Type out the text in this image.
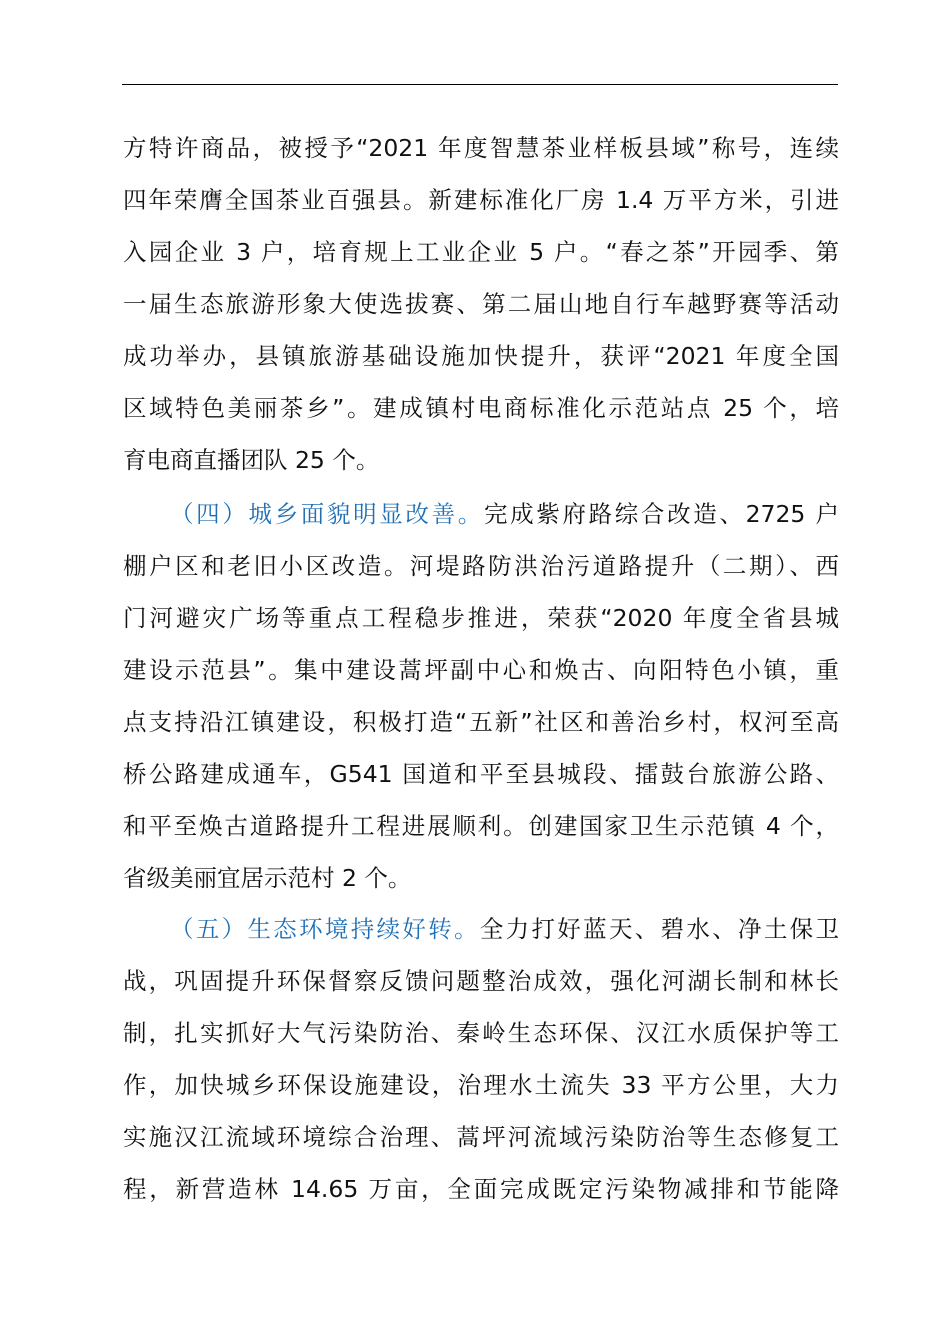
方特许商品，被授予“2021 年度智慧茶业样板县域”称号，连续
四年荣膺全国茶业百强县。新建标准化厂房 1.4 万平方米，引进
入园企业 3 户，培育规上工业企业 5 户。“春之茶”开园季、第
一届生态旅游形象大使选拔赛、第二届山地自行车越野赛等活动
成功举办，县镇旅游基础设施加快提升，获评“2021 年度全国
区域特色美丽茶乡”。建成镇村电商标准化示范站点 25 个，培
育电商直播团队 25 个。
（四）城乡面貌明显改善。完成紫府路综合改造、2725 户
棚户区和老旧小区改造。河堤路防洪治污道路提升（二期）、西
门河避灾广场等重点工程稳步推进，荣获“2020 年度全省县城
建设示范县”。集中建设蒿坪副中心和焕古、向阳特色小镇，重
点支持沿江镇建设，积极打造“五新”社区和善治乡村，权河至高
桥公路建成通车，G541 国道和平至县城段、擂鼓台旅游公路、
和平至焕古道路提升工程进展顺利。创建国家卫生示范镇 4 个，
省级美丽宜居示范村 2 个。
（五）生态环境持续好转。全力打好蓝天、碧水、净土保卫
战，巩固提升环保督察反馈问题整治成效，强化河湖长制和林长
制，扎实抓好大气污染防治、秦岭生态环保、汉江水质保护等工
作，加快城乡环保设施建设，治理水土流失 33 平方公里，大力
实施汉江流域环境综合治理、蒿坪河流域污染防治等生态修复工
程，新营造林 14.65 万亩，全面完成既定污染物减排和节能降
